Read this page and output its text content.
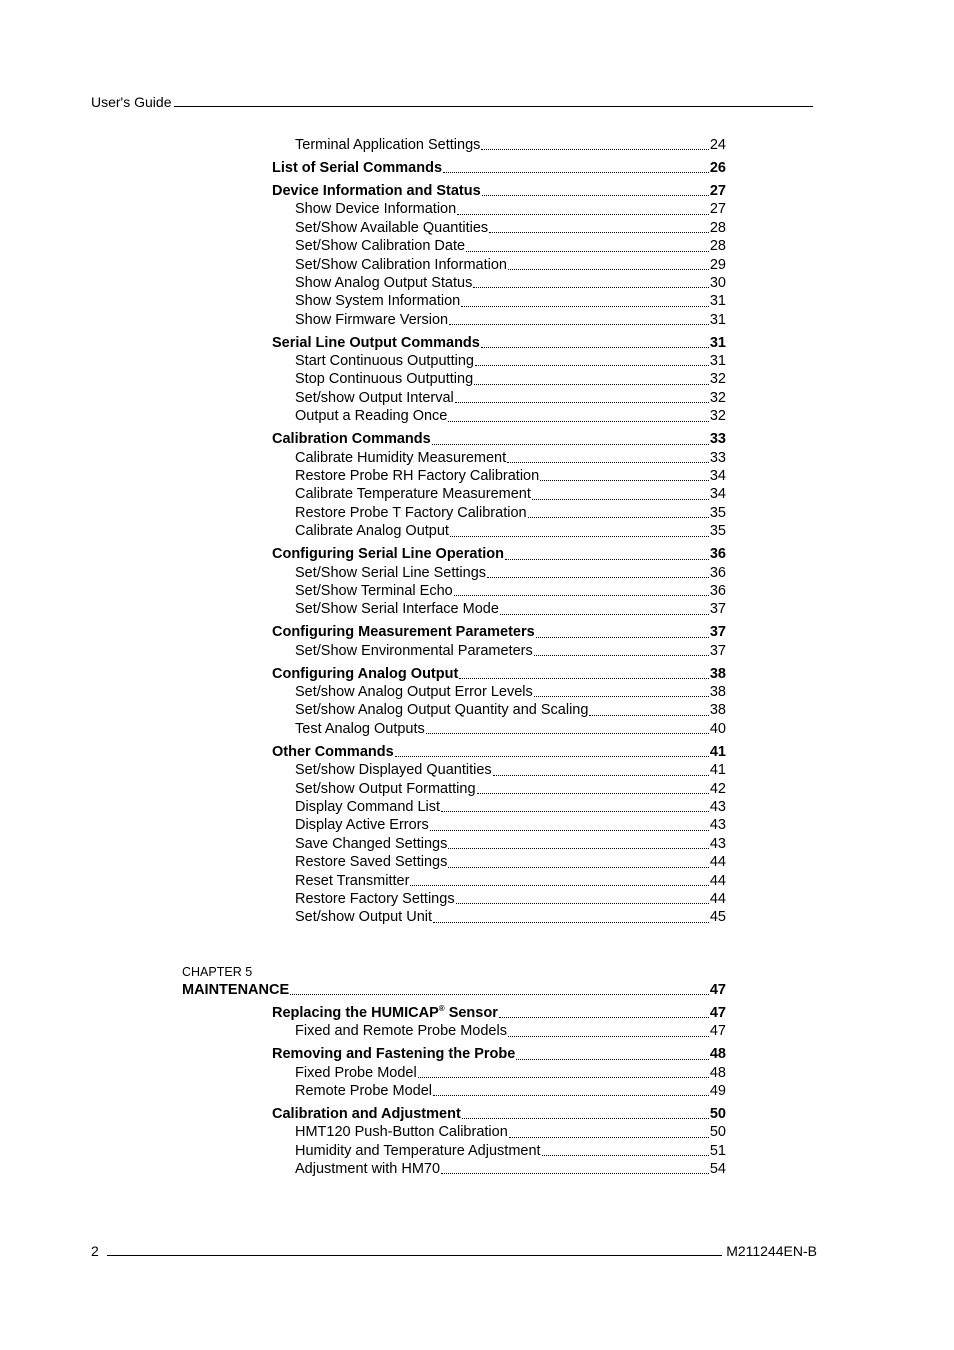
User's Guide
Terminal Application Settings	24
List of Serial Commands	26
Device Information and Status	27
Show Device Information	27
Set/Show Available Quantities	28
Set/Show Calibration Date	28
Set/Show Calibration Information	29
Show Analog Output Status	30
Show System Information	31
Show Firmware Version	31
Serial Line Output Commands	31
Start Continuous Outputting	31
Stop Continuous Outputting	32
Set/show Output Interval	32
Output a Reading Once	32
Calibration Commands	33
Calibrate Humidity Measurement	33
Restore Probe RH Factory Calibration	34
Calibrate Temperature Measurement	34
Restore Probe T Factory Calibration	35
Calibrate Analog Output	35
Configuring Serial Line Operation	36
Set/Show Serial Line Settings	36
Set/Show Terminal Echo	36
Set/Show Serial Interface Mode	37
Configuring Measurement Parameters	37
Set/Show Environmental Parameters	37
Configuring Analog Output	38
Set/show Analog Output Error Levels	38
Set/show Analog Output Quantity and Scaling	38
Test Analog Outputs	40
Other Commands	41
Set/show Displayed Quantities	41
Set/show Output Formatting	42
Display Command List	43
Display Active Errors	43
Save Changed Settings	43
Restore Saved Settings	44
Reset Transmitter	44
Restore Factory Settings	44
Set/show Output Unit	45
CHAPTER 5
MAINTENANCE	47
Replacing the HUMICAP® Sensor	47
Fixed and Remote Probe Models	47
Removing and Fastening the Probe	48
Fixed Probe Model	48
Remote Probe Model	49
Calibration and Adjustment	50
HMT120 Push-Button Calibration	50
Humidity and Temperature Adjustment	51
Adjustment with HM70	54
2	M211244EN-B
